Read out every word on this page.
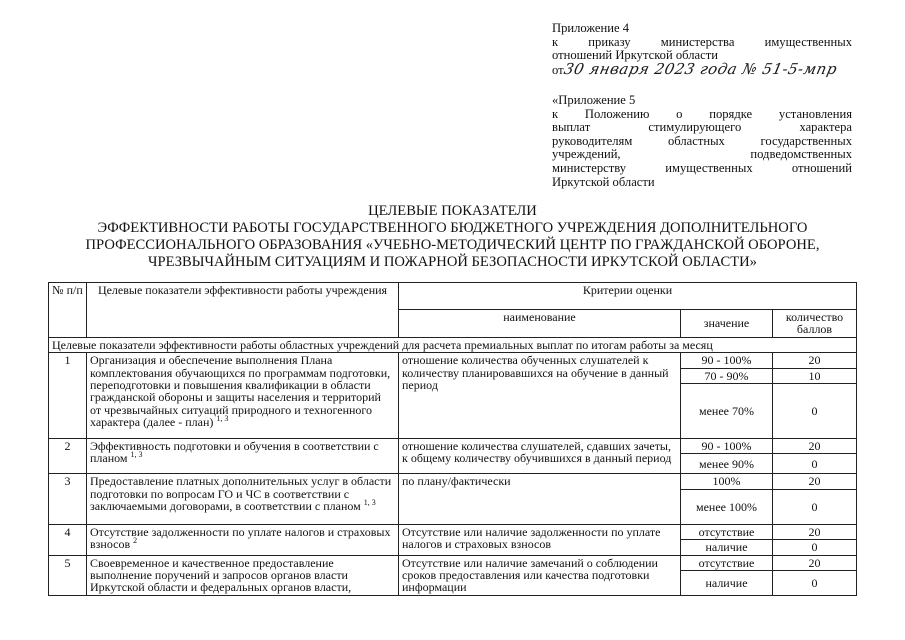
Приложение 4
к приказу министерства имущественных
отношений Иркутской области
от30 января 2023 года № 51-5-мпр
«Приложение 5
к Положению о порядке установления
выплат стимулирующего характера
руководителям областных государственных
учреждений, подведомственных
министерству имущественных отношений
Иркутской области
ЦЕЛЕВЫЕ ПОКАЗАТЕЛИ
ЭФФЕКТИВНОСТИ РАБОТЫ ГОСУДАРСТВЕННОГО БЮДЖЕТНОГО УЧРЕЖДЕНИЯ ДОПОЛНИТЕЛЬНОГО
ПРОФЕССИОНАЛЬНОГО ОБРАЗОВАНИЯ «УЧЕБНО-МЕТОДИЧЕСКИЙ ЦЕНТР ПО ГРАЖДАНСКОЙ ОБОРОНЕ,
ЧРЕЗВЫЧАЙНЫМ СИТУАЦИЯМ И ПОЖАРНОЙ БЕЗОПАСНОСТИ ИРКУТСКОЙ ОБЛАСТИ»
№ п/п	Целевые показатели эффективности работы учреждения	Критерии оценки		
		наименование	значение	количество баллов
Целевые показатели эффективности работы областных учреждений для расчета премиальных выплат по итогам работы за месяц				
1	Организация и обеспечение выполнения Плана комплектования обучающихся по программам подготовки, переподготовки и повышения квалификации в области гражданской обороны и защиты населения и территорий от чрезвычайных ситуаций природного и техногенного характера (далее - план) $^{1, 3}$	отношение количества обученных слушателей к количеству планировавшихся на обучение в данный период	90 - 100%	20
			70 - 90%	10
			менее 70%	0
2	Эффективность подготовки и обучения в соответствии с планом $^{1, 3}$	отношение количества слушателей, сдавших зачеты, к общему количеству обучившихся в данный период	90 - 100%	20
			менее 90%	0
3	Предоставление платных дополнительных услуг в области подготовки по вопросам ГО и ЧС в соответствии с заключаемыми договорами, в соответствии с планом $^{1, 3}$	по плану/фактически	100%	20
			менее 100%	0
4	Отсутствие задолженности по уплате налогов и страховых взносов $^2$	Отсутствие или наличие задолженности по уплате налогов и страховых взносов	отсутствие	20
			наличие	0
5	Своевременное и качественное предоставление выполнение поручений и запросов органов власти Иркутской области и федеральных органов власти,	Отсутствие или наличие замечаний о соблюдении сроков предоставления или качества подготовки информации	отсутствие	20
			наличие	0
